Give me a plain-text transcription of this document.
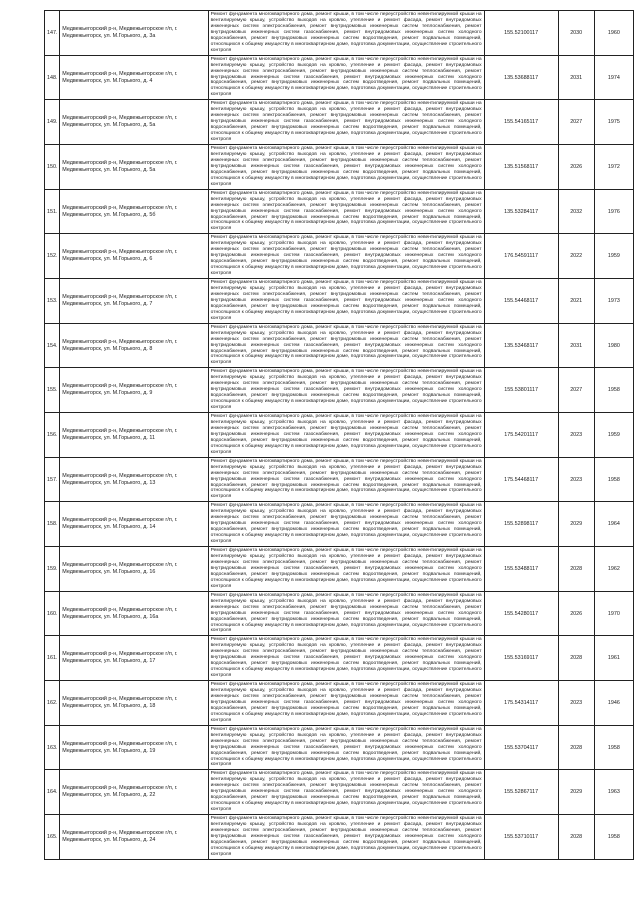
147.	Медвежьегорский р-н, Медвежьегорское г/п, г. Медвежьегорск, ул. М.Горького, д. 3а	Ремонт фундамента многоквартирного дома, ремонт крыши, в том числе переустройство невентилируемой крыши на вентилируемую крышу, устройство выходов на кровлю, утепление и ремонт фасада, ремонт внутридомовых инженерных систем электроснабжения, ремонт внутридомовых инженерных систем теплоснабжения, ремонт внутридомовых инженерных систем газоснабжения, ремонт внутридомовых инженерных систем холодного водоснабжения, ремонт внутридомовых инженерных систем водоотведения, ремонт подвальных помещений, относящихся к общему имуществу в многоквартирном доме, подготовка документации, осуществление строительного контроля	155.52100117	2030	1960
148.	Медвежьегорский р-н, Медвежьегорское г/п, г. Медвежьегорск, ул. М.Горького, д. 4	Ремонт фундамента многоквартирного дома, ремонт крыши, в том числе переустройство невентилируемой крыши на вентилируемую крышу, устройство выходов на кровлю, утепление и ремонт фасада, ремонт внутридомовых инженерных систем электроснабжения, ремонт внутридомовых инженерных систем теплоснабжения, ремонт внутридомовых инженерных систем газоснабжения, ремонт внутридомовых инженерных систем холодного водоснабжения, ремонт внутридомовых инженерных систем водоотведения, ремонт подвальных помещений, относящихся к общему имуществу в многоквартирном доме, подготовка документации, осуществление строительного контроля	135.53688117	2031	1974
149.	Медвежьегорский р-н, Медвежьегорское г/п, г. Медвежьегорск, ул. М.Горького, д. 5а	Ремонт фундамента многоквартирного дома, ремонт крыши, в том числе переустройство невентилируемой крыши на вентилируемую крышу, устройство выходов на кровлю, утепление и ремонт фасада, ремонт внутридомовых инженерных систем электроснабжения, ремонт внутридомовых инженерных систем теплоснабжения, ремонт внутридомовых инженерных систем газоснабжения, ремонт внутридомовых инженерных систем холодного водоснабжения, ремонт внутридомовых инженерных систем водоотведения, ремонт подвальных помещений, относящихся к общему имуществу в многоквартирном доме, подготовка документации, осуществление строительного контроля	155.54165117	2027	1975
150.	Медвежьегорский р-н, Медвежьегорское г/п, г. Медвежьегорск, ул. М.Горького, д. 5а	Ремонт фундамента многоквартирного дома, ремонт крыши, в том числе переустройство невентилируемой крыши на вентилируемую крышу, устройство выходов на кровлю, утепление и ремонт фасада, ремонт внутридомовых инженерных систем электроснабжения, ремонт внутридомовых инженерных систем теплоснабжения, ремонт внутридомовых инженерных систем газоснабжения, ремонт внутридомовых инженерных систем холодного водоснабжения, ремонт внутридомовых инженерных систем водоотведения, ремонт подвальных помещений, относящихся к общему имуществу в многоквартирном доме, подготовка документации, осуществление строительного контроля	135.51568117	2026	1972
151.	Медвежьегорский р-н, Медвежьегорское г/п, г. Медвежьегорск, ул. М.Горького, д. 5б	Ремонт фундамента многоквартирного дома, ремонт крыши, в том числе переустройство невентилируемой крыши на вентилируемую крышу, устройство выходов на кровлю, утепление и ремонт фасада, ремонт внутридомовых инженерных систем электроснабжения, ремонт внутридомовых инженерных систем теплоснабжения, ремонт внутридомовых инженерных систем газоснабжения, ремонт внутридомовых инженерных систем холодного водоснабжения, ремонт внутридомовых инженерных систем водоотведения, ремонт подвальных помещений, относящихся к общему имуществу в многоквартирном доме, подготовка документации, осуществление строительного контроля	135.53284117	2032	1976
152.	Медвежьегорский р-н, Медвежьегорское г/п, г. Медвежьегорск, ул. М.Горького, д. 6	Ремонт фундамента многоквартирного дома, ремонт крыши, в том числе переустройство невентилируемой крыши на вентилируемую крышу, устройство выходов на кровлю, утепление и ремонт фасада, ремонт внутридомовых инженерных систем электроснабжения, ремонт внутридомовых инженерных систем теплоснабжения, ремонт внутридомовых инженерных систем газоснабжения, ремонт внутридомовых инженерных систем холодного водоснабжения, ремонт внутридомовых инженерных систем водоотведения, ремонт подвальных помещений, относящихся к общему имуществу в многоквартирном доме, подготовка документации, осуществление строительного контроля	176.54591117	2022	1959
153.	Медвежьегорский р-н, Медвежьегорское г/п, г. Медвежьегорск, ул. М.Горького, д. 7	Ремонт фундамента многоквартирного дома, ремонт крыши, в том числе переустройство невентилируемой крыши на вентилируемую крышу, устройство выходов на кровлю, утепление и ремонт фасада, ремонт внутридомовых инженерных систем электроснабжения, ремонт внутридомовых инженерных систем теплоснабжения, ремонт внутридомовых инженерных систем газоснабжения, ремонт внутридомовых инженерных систем холодного водоснабжения, ремонт внутридомовых инженерных систем водоотведения, ремонт подвальных помещений, относящихся к общему имуществу в многоквартирном доме, подготовка документации, осуществление строительного контроля	155.54468117	2021	1973
154.	Медвежьегорский р-н, Медвежьегорское г/п, г. Медвежьегорск, ул. М.Горького, д. 8	Ремонт фундамента многоквартирного дома, ремонт крыши, в том числе переустройство невентилируемой крыши на вентилируемую крышу, устройство выходов на кровлю, утепление и ремонт фасада, ремонт внутридомовых инженерных систем электроснабжения, ремонт внутридомовых инженерных систем теплоснабжения, ремонт внутридомовых инженерных систем газоснабжения, ремонт внутридомовых инженерных систем холодного водоснабжения, ремонт внутридомовых инженерных систем водоотведения, ремонт подвальных помещений, относящихся к общему имуществу в многоквартирном доме, подготовка документации, осуществление строительного контроля	135.53468117	2031	1980
155.	Медвежьегорский р-н, Медвежьегорское г/п, г. Медвежьегорск, ул. М.Горького, д. 9	Ремонт фундамента многоквартирного дома, ремонт крыши, в том числе переустройство невентилируемой крыши на вентилируемую крышу, устройство выходов на кровлю, утепление и ремонт фасада, ремонт внутридомовых инженерных систем электроснабжения, ремонт внутридомовых инженерных систем теплоснабжения, ремонт внутридомовых инженерных систем газоснабжения, ремонт внутридомовых инженерных систем холодного водоснабжения, ремонт внутридомовых инженерных систем водоотведения, ремонт подвальных помещений, относящихся к общему имуществу в многоквартирном доме, подготовка документации, осуществление строительного контроля	155.53801117	2027	1958
156.	Медвежьегорский р-н, Медвежьегорское г/п, г. Медвежьегорск, ул. М.Горького, д. 11	Ремонт фундамента многоквартирного дома, ремонт крыши, в том числе переустройство невентилируемой крыши на вентилируемую крышу, устройство выходов на кровлю, утепление и ремонт фасада, ремонт внутридомовых инженерных систем электроснабжения, ремонт внутридомовых инженерных систем теплоснабжения, ремонт внутридомовых инженерных систем газоснабжения, ремонт внутридомовых инженерных систем холодного водоснабжения, ремонт внутридомовых инженерных систем водоотведения, ремонт подвальных помещений, относящихся к общему имуществу в многоквартирном доме, подготовка документации, осуществление строительного контроля	175.54201117	2023	1959
157.	Медвежьегорский р-н, Медвежьегорское г/п, г. Медвежьегорск, ул. М.Горького, д. 13	Ремонт фундамента многоквартирного дома, ремонт крыши, в том числе переустройство невентилируемой крыши на вентилируемую крышу, устройство выходов на кровлю, утепление и ремонт фасада, ремонт внутридомовых инженерных систем электроснабжения, ремонт внутридомовых инженерных систем теплоснабжения, ремонт внутридомовых инженерных систем газоснабжения, ремонт внутридомовых инженерных систем холодного водоснабжения, ремонт внутридомовых инженерных систем водоотведения, ремонт подвальных помещений, относящихся к общему имуществу в многоквартирном доме, подготовка документации, осуществление строительного контроля	175.54468117	2023	1958
158.	Медвежьегорский р-н, Медвежьегорское г/п, г. Медвежьегорск, ул. М.Горького, д. 14	Ремонт фундамента многоквартирного дома, ремонт крыши, в том числе переустройство невентилируемой крыши на вентилируемую крышу, устройство выходов на кровлю, утепление и ремонт фасада, ремонт внутридомовых инженерных систем электроснабжения, ремонт внутридомовых инженерных систем теплоснабжения, ремонт внутридомовых инженерных систем газоснабжения, ремонт внутридомовых инженерных систем холодного водоснабжения, ремонт внутридомовых инженерных систем водоотведения, ремонт подвальных помещений, относящихся к общему имуществу в многоквартирном доме, подготовка документации, осуществление строительного контроля	155.52898117	2029	1964
159.	Медвежьегорский р-н, Медвежьегорское г/п, г. Медвежьегорск, ул. М.Горького, д. 16	Ремонт фундамента многоквартирного дома, ремонт крыши, в том числе переустройство невентилируемой крыши на вентилируемую крышу, устройство выходов на кровлю, утепление и ремонт фасада, ремонт внутридомовых инженерных систем электроснабжения, ремонт внутридомовых инженерных систем теплоснабжения, ремонт внутридомовых инженерных систем газоснабжения, ремонт внутридомовых инженерных систем холодного водоснабжения, ремонт внутридомовых инженерных систем водоотведения, ремонт подвальных помещений, относящихся к общему имуществу в многоквартирном доме, подготовка документации, осуществление строительного контроля	155.53488117	2028	1962
160.	Медвежьегорский р-н, Медвежьегорское г/п, г. Медвежьегорск, ул. М.Горького, д. 16а	Ремонт фундамента многоквартирного дома, ремонт крыши, в том числе переустройство невентилируемой крыши на вентилируемую крышу, устройство выходов на кровлю, утепление и ремонт фасада, ремонт внутридомовых инженерных систем электроснабжения, ремонт внутридомовых инженерных систем теплоснабжения, ремонт внутридомовых инженерных систем газоснабжения, ремонт внутридомовых инженерных систем холодного водоснабжения, ремонт внутридомовых инженерных систем водоотведения, ремонт подвальных помещений, относящихся к общему имуществу в многоквартирном доме, подготовка документации, осуществление строительного контроля	155.54280117	2026	1970
161.	Медвежьегорский р-н, Медвежьегорское г/п, г. Медвежьегорск, ул. М.Горького, д. 17	Ремонт фундамента многоквартирного дома, ремонт крыши, в том числе переустройство невентилируемой крыши на вентилируемую крышу, устройство выходов на кровлю, утепление и ремонт фасада, ремонт внутридомовых инженерных систем электроснабжения, ремонт внутридомовых инженерных систем теплоснабжения, ремонт внутридомовых инженерных систем газоснабжения, ремонт внутридомовых инженерных систем холодного водоснабжения, ремонт внутридомовых инженерных систем водоотведения, ремонт подвальных помещений, относящихся к общему имуществу в многоквартирном доме, подготовка документации, осуществление строительного контроля	155.53169117	2028	1961
162.	Медвежьегорский р-н, Медвежьегорское г/п, г. Медвежьегорск, ул. М.Горького, д. 18	Ремонт фундамента многоквартирного дома, ремонт крыши, в том числе переустройство невентилируемой крыши на вентилируемую крышу, устройство выходов на кровлю, утепление и ремонт фасада, ремонт внутридомовых инженерных систем электроснабжения, ремонт внутридомовых инженерных систем теплоснабжения, ремонт внутридомовых инженерных систем газоснабжения, ремонт внутридомовых инженерных систем холодного водоснабжения, ремонт внутридомовых инженерных систем водоотведения, ремонт подвальных помещений, относящихся к общему имуществу в многоквартирном доме, подготовка документации, осуществление строительного контроля	175.54314117	2023	1946
163.	Медвежьегорский р-н, Медвежьегорское г/п, г. Медвежьегорск, ул. М.Горького, д. 19	Ремонт фундамента многоквартирного дома, ремонт крыши, в том числе переустройство невентилируемой крыши на вентилируемую крышу, устройство выходов на кровлю, утепление и ремонт фасада, ремонт внутридомовых инженерных систем электроснабжения, ремонт внутридомовых инженерных систем теплоснабжения, ремонт внутридомовых инженерных систем газоснабжения, ремонт внутридомовых инженерных систем холодного водоснабжения, ремонт внутридомовых инженерных систем водоотведения, ремонт подвальных помещений, относящихся к общему имуществу в многоквартирном доме, подготовка документации, осуществление строительного контроля	155.53704117	2028	1958
164.	Медвежьегорский р-н, Медвежьегорское г/п, г. Медвежьегорск, ул. М.Горького, д. 22	Ремонт фундамента многоквартирного дома, ремонт крыши, в том числе переустройство невентилируемой крыши на вентилируемую крышу, устройство выходов на кровлю, утепление и ремонт фасада, ремонт внутридомовых инженерных систем электроснабжения, ремонт внутридомовых инженерных систем теплоснабжения, ремонт внутридомовых инженерных систем газоснабжения, ремонт внутридомовых инженерных систем холодного водоснабжения, ремонт внутридомовых инженерных систем водоотведения, ремонт подвальных помещений, относящихся к общему имуществу в многоквартирном доме, подготовка документации, осуществление строительного контроля	155.52867117	2029	1963
165.	Медвежьегорский р-н, Медвежьегорское г/п, г. Медвежьегорск, ул. М.Горького, д. 24	Ремонт фундамента многоквартирного дома, ремонт крыши, в том числе переустройство невентилируемой крыши на вентилируемую крышу, устройство выходов на кровлю, утепление и ремонт фасада, ремонт внутридомовых инженерных систем электроснабжения, ремонт внутридомовых инженерных систем теплоснабжения, ремонт внутридомовых инженерных систем газоснабжения, ремонт внутридомовых инженерных систем холодного водоснабжения, ремонт внутридомовых инженерных систем водоотведения, ремонт подвальных помещений, относящихся к общему имуществу в многоквартирном доме, подготовка документации, осуществление строительного контроля	155.53710117	2028	1958
